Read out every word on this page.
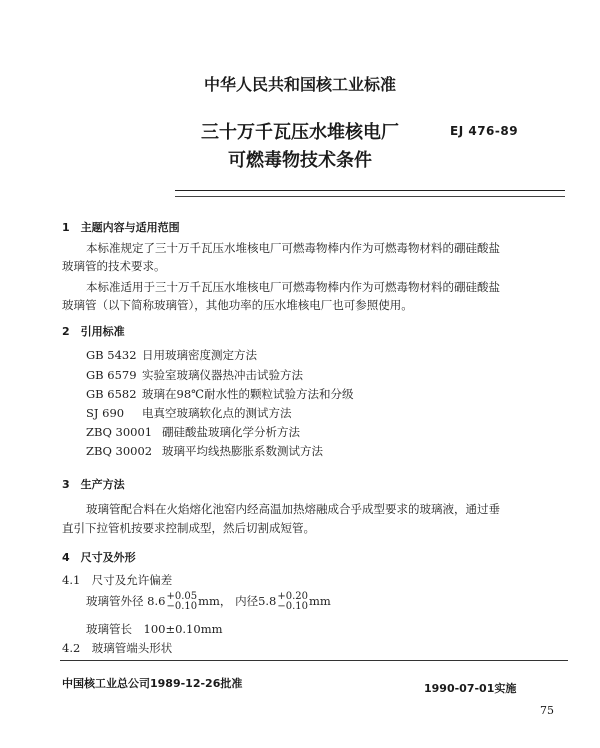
中华人民共和国核工业标准
三十万千瓦压水堆核电厂
可燃毒物技术条件
EJ 476-89
1　主题内容与适用范围
本标准规定了三十万千瓦压水堆核电厂可燃毒物棒内作为可燃毒物材料的硼硅酸盐
玻璃管的技术要求。
本标准适用于三十万千瓦压水堆核电厂可燃毒物棒内作为可燃毒物材料的硼硅酸盐
玻璃管（以下简称玻璃管），其他功率的压水堆核电厂也可参照使用。
2　引用标准
GB 5432 日用玻璃密度测定方法
GB 6579 实验室玻璃仪器热冲击试验方法
GB 6582 玻璃在98℃耐水性的颗粒试验方法和分级
SJ 690 电真空玻璃软化点的测试方法
ZBQ 30001 硼硅酸盐玻璃化学分析方法
ZBQ 30002 玻璃平均线热膨胀系数测试方法
3　生产方法
玻璃管配合料在火焰熔化池窑内经高温加热熔融成合乎成型要求的玻璃液，通过垂
直引下拉管机按要求控制成型，然后切割成短管。
4　尺寸及外形
4.1　尺寸及允许偏差
玻璃管外径 8.6+0.05
−0.10mm， 内径5.8+0.20
−0.10mm
玻璃管长　100±0.10mm
4.2　玻璃管端头形状
中国核工业总公司1989-12-26批准	1990-07-01实施
75
